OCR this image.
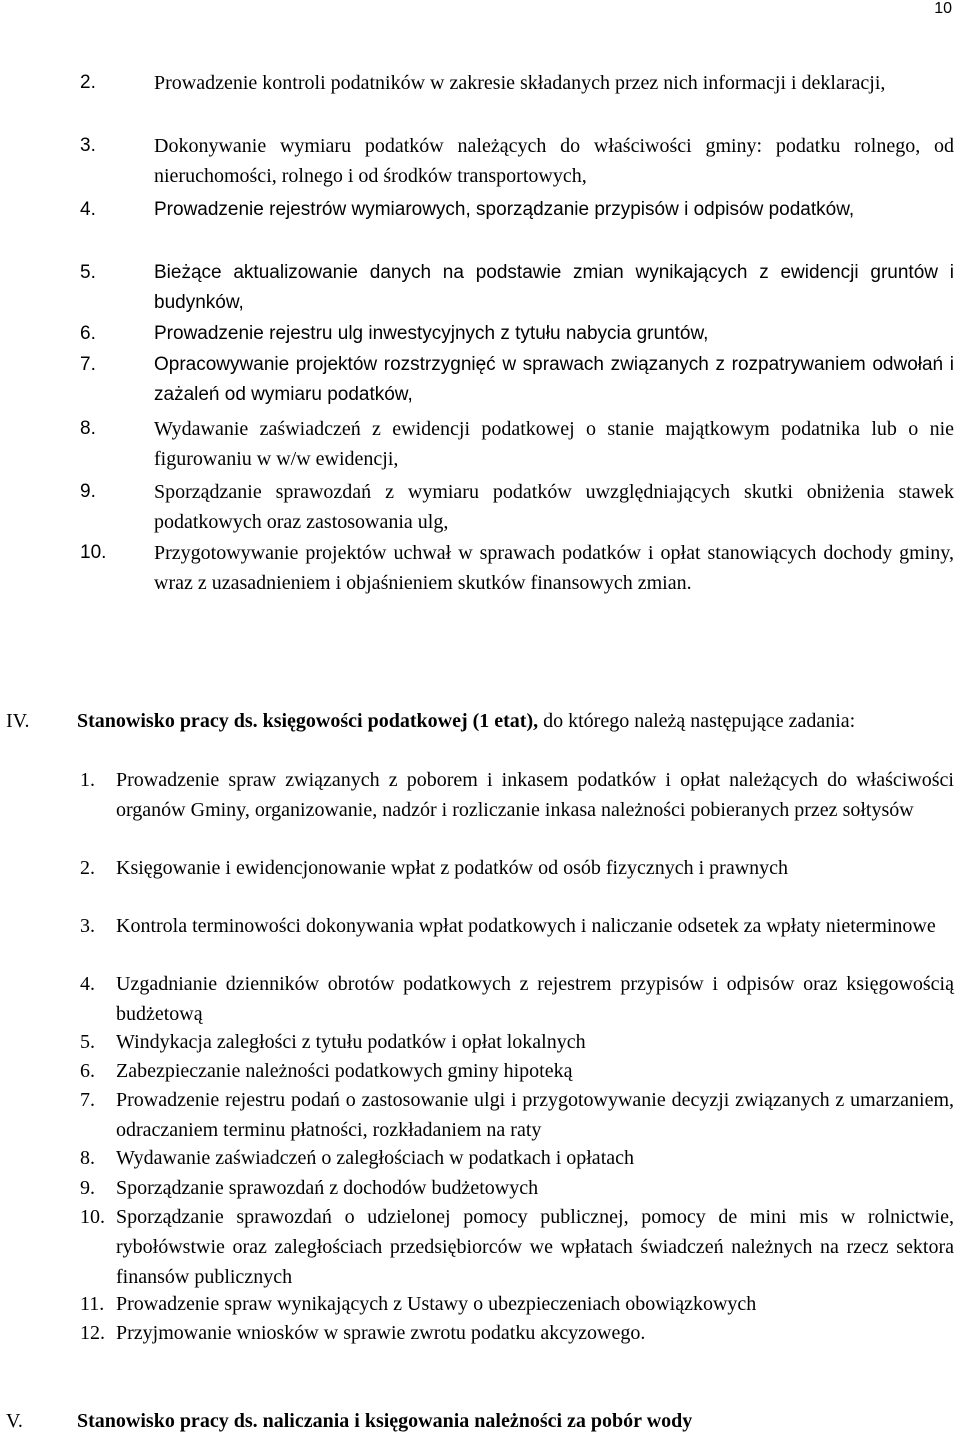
10
2.	Prowadzenie kontroli podatników w zakresie składanych przez nich informacji i deklaracji,
3.	Dokonywanie wymiaru podatków należących do właściwości gminy: podatku rolnego, od nieruchomości, rolnego i od środków transportowych,
4.	Prowadzenie rejestrów wymiarowych, sporządzanie przypisów i odpisów podatków,
5.	Bieżące aktualizowanie danych na podstawie zmian wynikających z ewidencji gruntów i budynków,
6.	Prowadzenie rejestru ulg inwestycyjnych z tytułu nabycia gruntów,
7.	Opracowywanie projektów rozstrzygnięć w sprawach związanych z rozpatrywaniem odwołań i zażaleń od wymiaru podatków,
8.	Wydawanie zaświadczeń z ewidencji podatkowej o stanie majątkowym podatnika lub o nie figurowaniu w w/w ewidencji,
9.	Sporządzanie sprawozdań z wymiaru podatków uwzględniających skutki obniżenia stawek podatkowych oraz zastosowania ulg,
10. Przygotowywanie projektów uchwał w sprawach podatków i opłat stanowiących dochody gminy, wraz z uzasadnieniem i objaśnieniem skutków finansowych zmian.
IV. Stanowisko pracy ds. księgowości podatkowej (1 etat), do którego należą następujące zadania:
1. Prowadzenie spraw związanych z poborem i inkasem podatków i opłat należących do właściwości organów Gminy, organizowanie, nadzór i rozliczanie inkasa należności pobieranych przez sołtysów
2. Księgowanie i ewidencjonowanie wpłat z podatków od osób fizycznych i prawnych
3. Kontrola terminowości dokonywania wpłat podatkowych i naliczanie odsetek za wpłaty nieterminowe
4. Uzgadnianie dzienników obrotów podatkowych z rejestrem przypisów i odpisów oraz księgowością budżetową
5. Windykacja zaległości z tytułu podatków i opłat lokalnych
6. Zabezpieczanie należności podatkowych gminy hipoteką
7. Prowadzenie rejestru podań o zastosowanie ulgi i przygotowywanie decyzji związanych z umarzaniem, odraczaniem terminu płatności, rozkładaniem na raty
8. Wydawanie zaświadczeń o zaległościach w podatkach i opłatach
9. Sporządzanie sprawozdań z dochodów budżetowych
10. Sporządzanie sprawozdań o udzielonej pomocy publicznej, pomocy de mini mis w rolnictwie, rybołówstwie oraz zaległościach przedsiębiorców we wpłatach świadczeń należnych na rzecz sektora finansów publicznych
11. Prowadzenie spraw wynikających z Ustawy o ubezpieczeniach obowiązkowych
12. Przyjmowanie wniosków w sprawie zwrotu podatku akcyzowego.
V.	Stanowisko pracy ds. naliczania i księgowania należności za pobór wody
